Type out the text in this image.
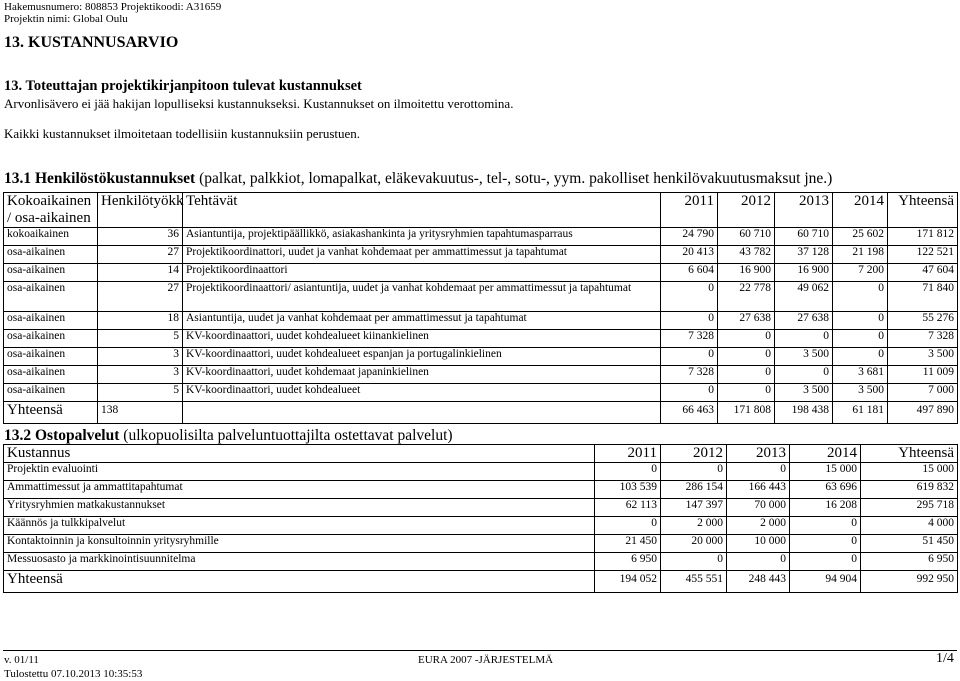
Hakemusnumero: 808853 Projektikoodi: A31659
Projektin nimi: Global Oulu
13. KUSTANNUSARVIO
13. Toteuttajan projektikirjanpitoon tulevat kustannukset
Arvonlisävero ei jää hakijan lopulliseksi kustannukseksi. Kustannukset on ilmoitettu verottomina.
Kaikki kustannukset ilmoitetaan todellisiin kustannuksiin perustuen.
13.1 Henkilöstökustannukset (palkat, palkkiot, lomapalkat, eläkevakuutus-, tel-, sotu-, yym. pakolliset henkilövakuutusmaksut jne.)
Kokoaikainen / osa-aikainen	Henkilötyökk	Tehtävät	2011	2012	2013	2014	Yhteensä
kokoaikainen	36	Asiantuntija, projektipäällikkö, asiakashankinta ja yritysryhmien tapahtumasparraus	24 790	60 710	60 710	25 602	171 812
osa-aikainen	27	Projektikoordinattori, uudet ja vanhat kohdemaat per ammattimessut ja tapahtumat	20 413	43 782	37 128	21 198	122 521
osa-aikainen	14	Projektikoordinaattori	6 604	16 900	16 900	7 200	47 604
osa-aikainen	27	Projektikoordinaattori/ asiantuntija, uudet ja vanhat kohdemaat per ammattimessut ja tapahtumat	0	22 778	49 062	0	71 840
osa-aikainen	18	Asiantuntija, uudet ja vanhat kohdemaat per ammattimessut ja tapahtumat	0	27 638	27 638	0	55 276
osa-aikainen	5	KV-koordinaattori, uudet kohdealueet kiinankielinen	7 328	0	0	0	7 328
osa-aikainen	3	KV-koordinaattori, uudet kohdealueet espanjan ja portugalinkielinen	0	0	3 500	0	3 500
osa-aikainen	3	KV-koordinaattori, uudet kohdemaat japaninkielinen	7 328	0	0	3 681	11 009
osa-aikainen	5	KV-koordinaattori, uudet kohdealueet	0	0	3 500	3 500	7 000
Yhteensä	138		66 463	171 808	198 438	61 181	497 890
13.2 Ostopalvelut (ulkopuolisilta palveluntuottajilta ostettavat palvelut)
Kustannus	2011	2012	2013	2014	Yhteensä
Projektin evaluointi	0	0	0	15 000	15 000
Ammattimessut ja ammattitapahtumat	103 539	286 154	166 443	63 696	619 832
Yritysryhmien matkakustannukset	62 113	147 397	70 000	16 208	295 718
Käännös ja tulkkipalvelut	0	2 000	2 000	0	4 000
Kontaktoinnin ja konsultoinnin yritysryhmille	21 450	20 000	10 000	0	51 450
Messuosasto ja markkinointisuunnitelma	6 950	0	0	0	6 950
Yhteensä	194 052	455 551	248 443	94 904	992 950
v. 01/11	EURA 2007 -JÄRJESTELMÄ	1/4
Tulostettu 07.10.2013 10:35:53
